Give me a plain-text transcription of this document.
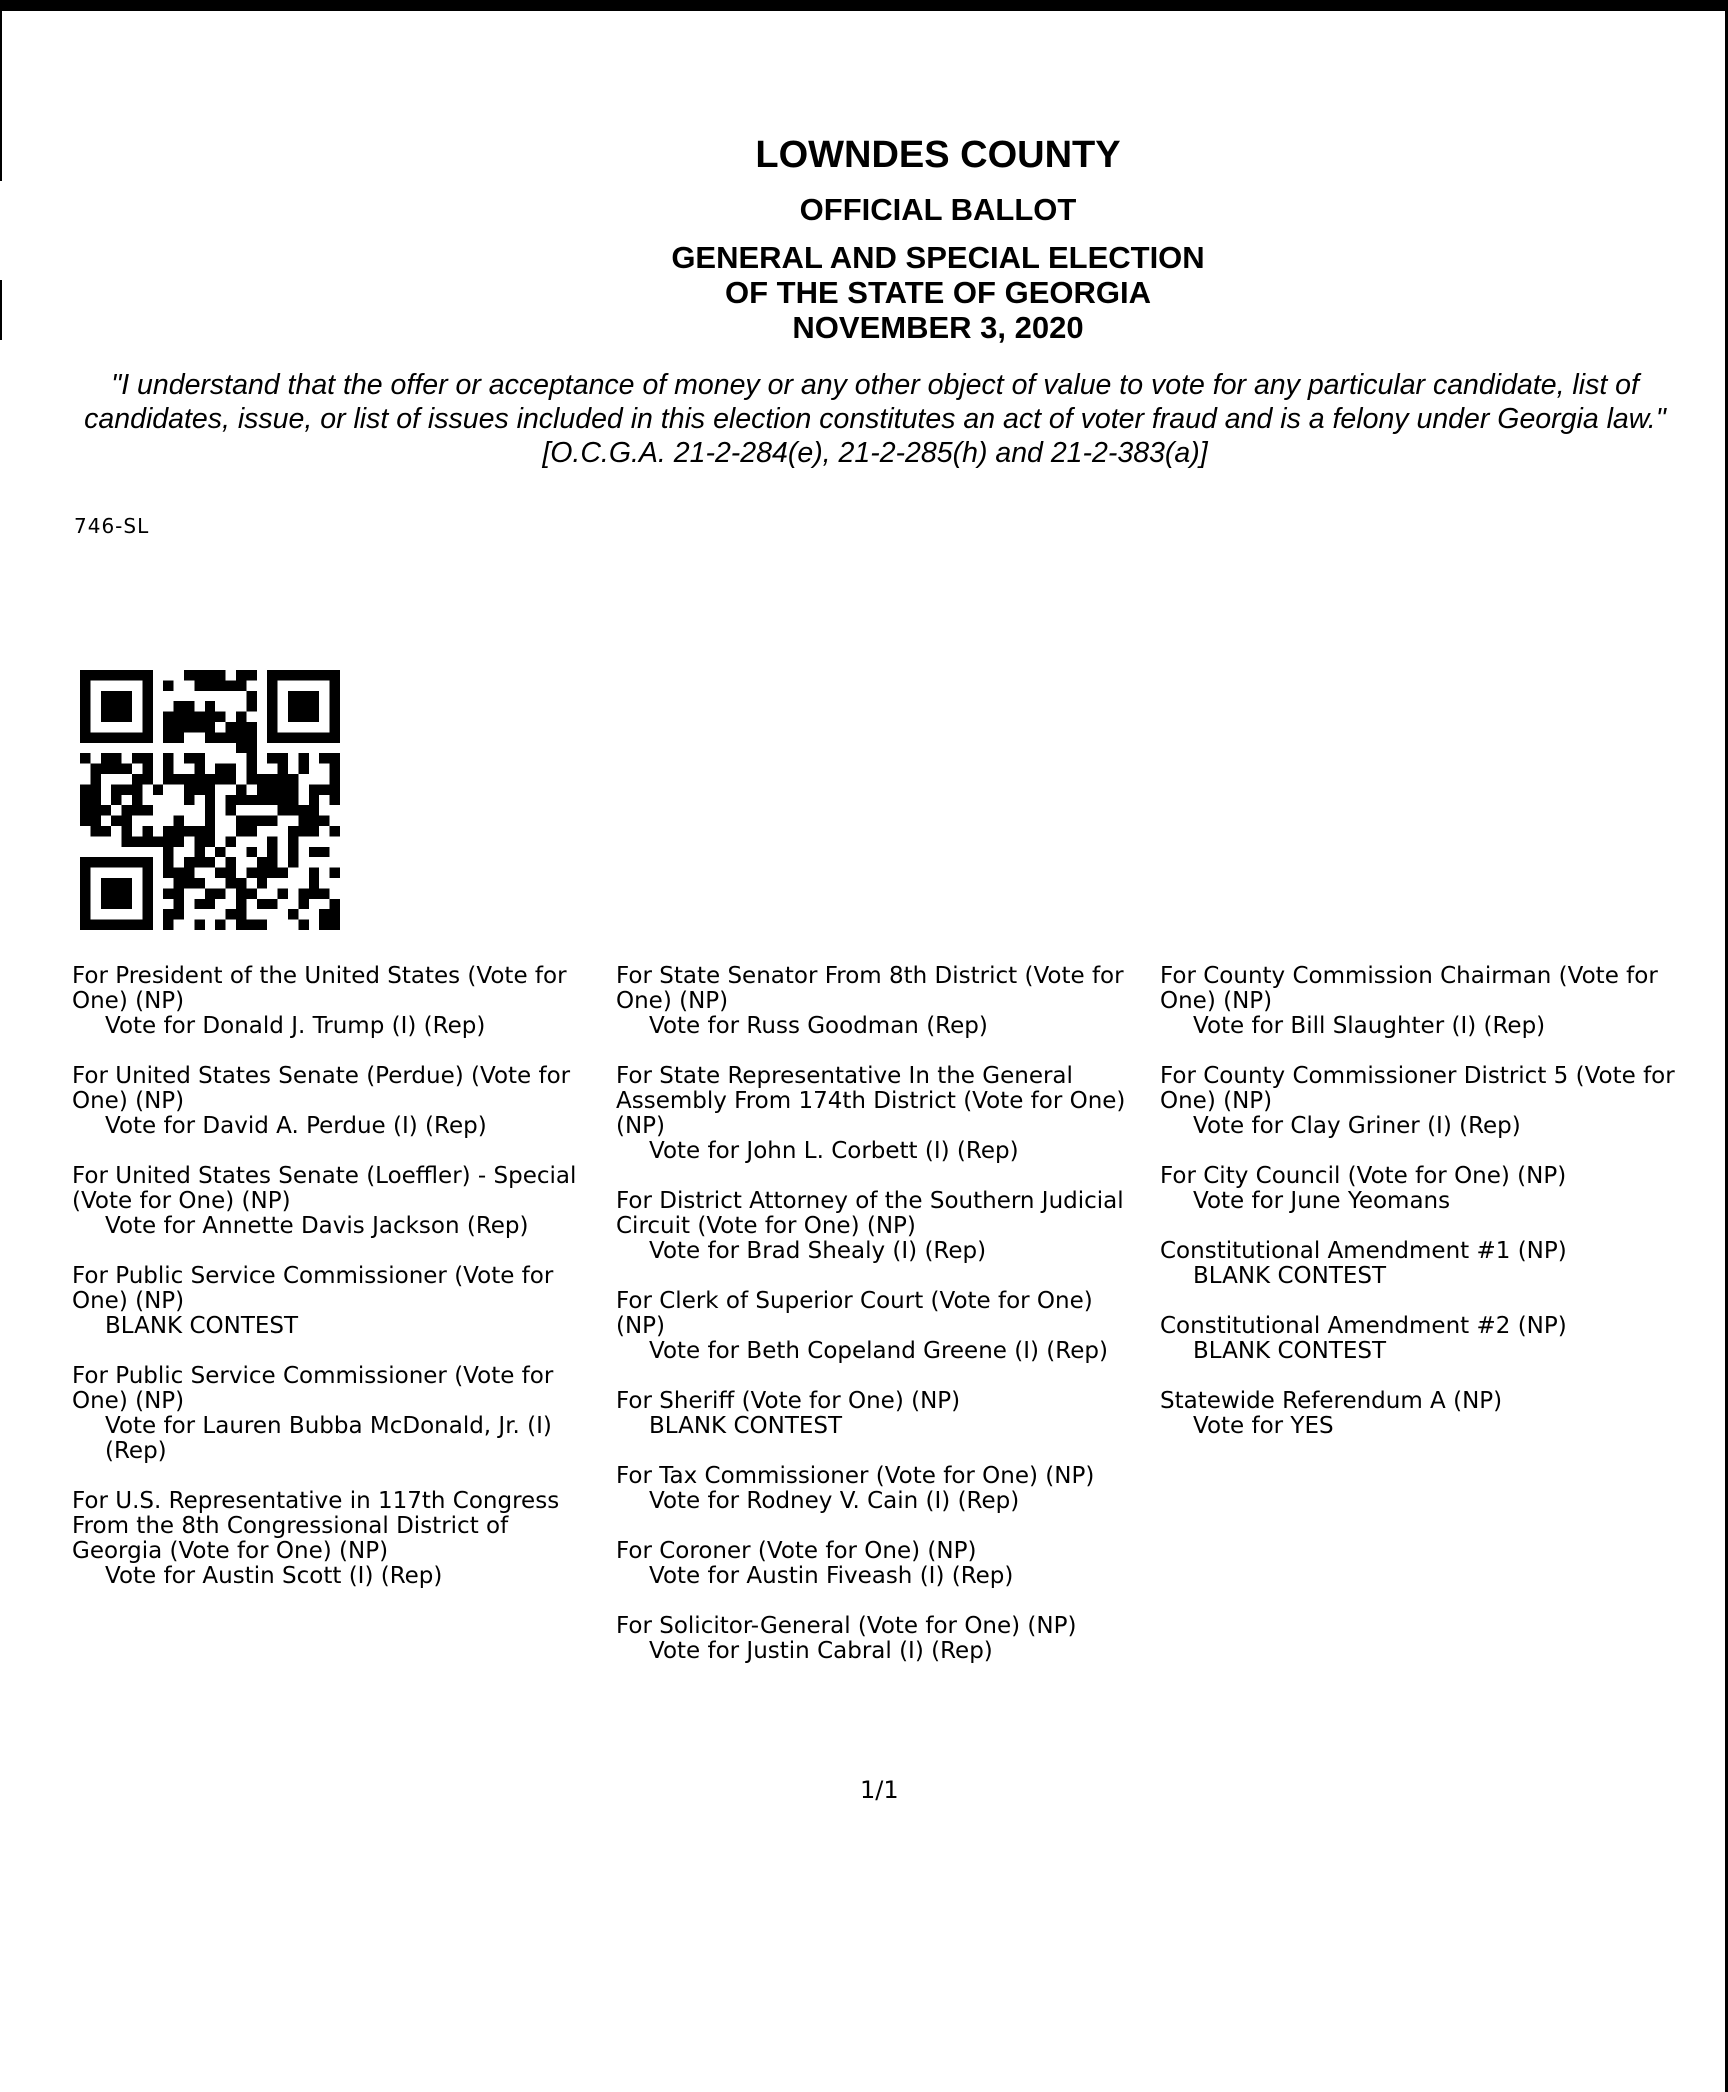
LOWNDES COUNTY
OFFICIAL BALLOT
GENERAL AND SPECIAL ELECTION
OF THE STATE OF GEORGIA
NOVEMBER 3, 2020
"I understand that the offer or acceptance of money or any other object of value to vote for any particular candidate, list of candidates, issue, or list of issues included in this election constitutes an act of voter fraud and is a felony under Georgia law." [O.C.G.A. 21-2-284(e), 21-2-285(h) and 21-2-383(a)]
746-SL
For President of the United States (Vote for One) (NP)
Vote for Donald J. Trump (I) (Rep)
For United States Senate (Perdue) (Vote for One) (NP)
Vote for David A. Perdue (I) (Rep)
For United States Senate (Loeffler) - Special (Vote for One) (NP)
Vote for Annette Davis Jackson (Rep)
For Public Service Commissioner (Vote for One) (NP)
BLANK CONTEST
For Public Service Commissioner (Vote for One) (NP)
Vote for Lauren Bubba McDonald, Jr. (I) (Rep)
For U.S. Representative in 117th Congress From the 8th Congressional District of Georgia (Vote for One) (NP)
Vote for Austin Scott (I) (Rep)
For State Senator From 8th District (Vote for One) (NP)
Vote for Russ Goodman (Rep)
For State Representative In the General Assembly From 174th District (Vote for One) (NP)
Vote for John L. Corbett (I) (Rep)
For District Attorney of the Southern Judicial Circuit (Vote for One) (NP)
Vote for Brad Shealy (I) (Rep)
For Clerk of Superior Court (Vote for One) (NP)
Vote for Beth Copeland Greene (I) (Rep)
For Sheriff (Vote for One) (NP)
BLANK CONTEST
For Tax Commissioner (Vote for One) (NP)
Vote for Rodney V. Cain (I) (Rep)
For Coroner (Vote for One) (NP)
Vote for Austin Fiveash (I) (Rep)
For Solicitor-General (Vote for One) (NP)
Vote for Justin Cabral (I) (Rep)
For County Commission Chairman (Vote for One) (NP)
Vote for Bill Slaughter (I) (Rep)
For County Commissioner District 5 (Vote for One) (NP)
Vote for Clay Griner (I) (Rep)
For City Council (Vote for One) (NP)
Vote for June Yeomans
Constitutional Amendment #1 (NP)
BLANK CONTEST
Constitutional Amendment #2 (NP)
BLANK CONTEST
Statewide Referendum A (NP)
Vote for YES
1/1
